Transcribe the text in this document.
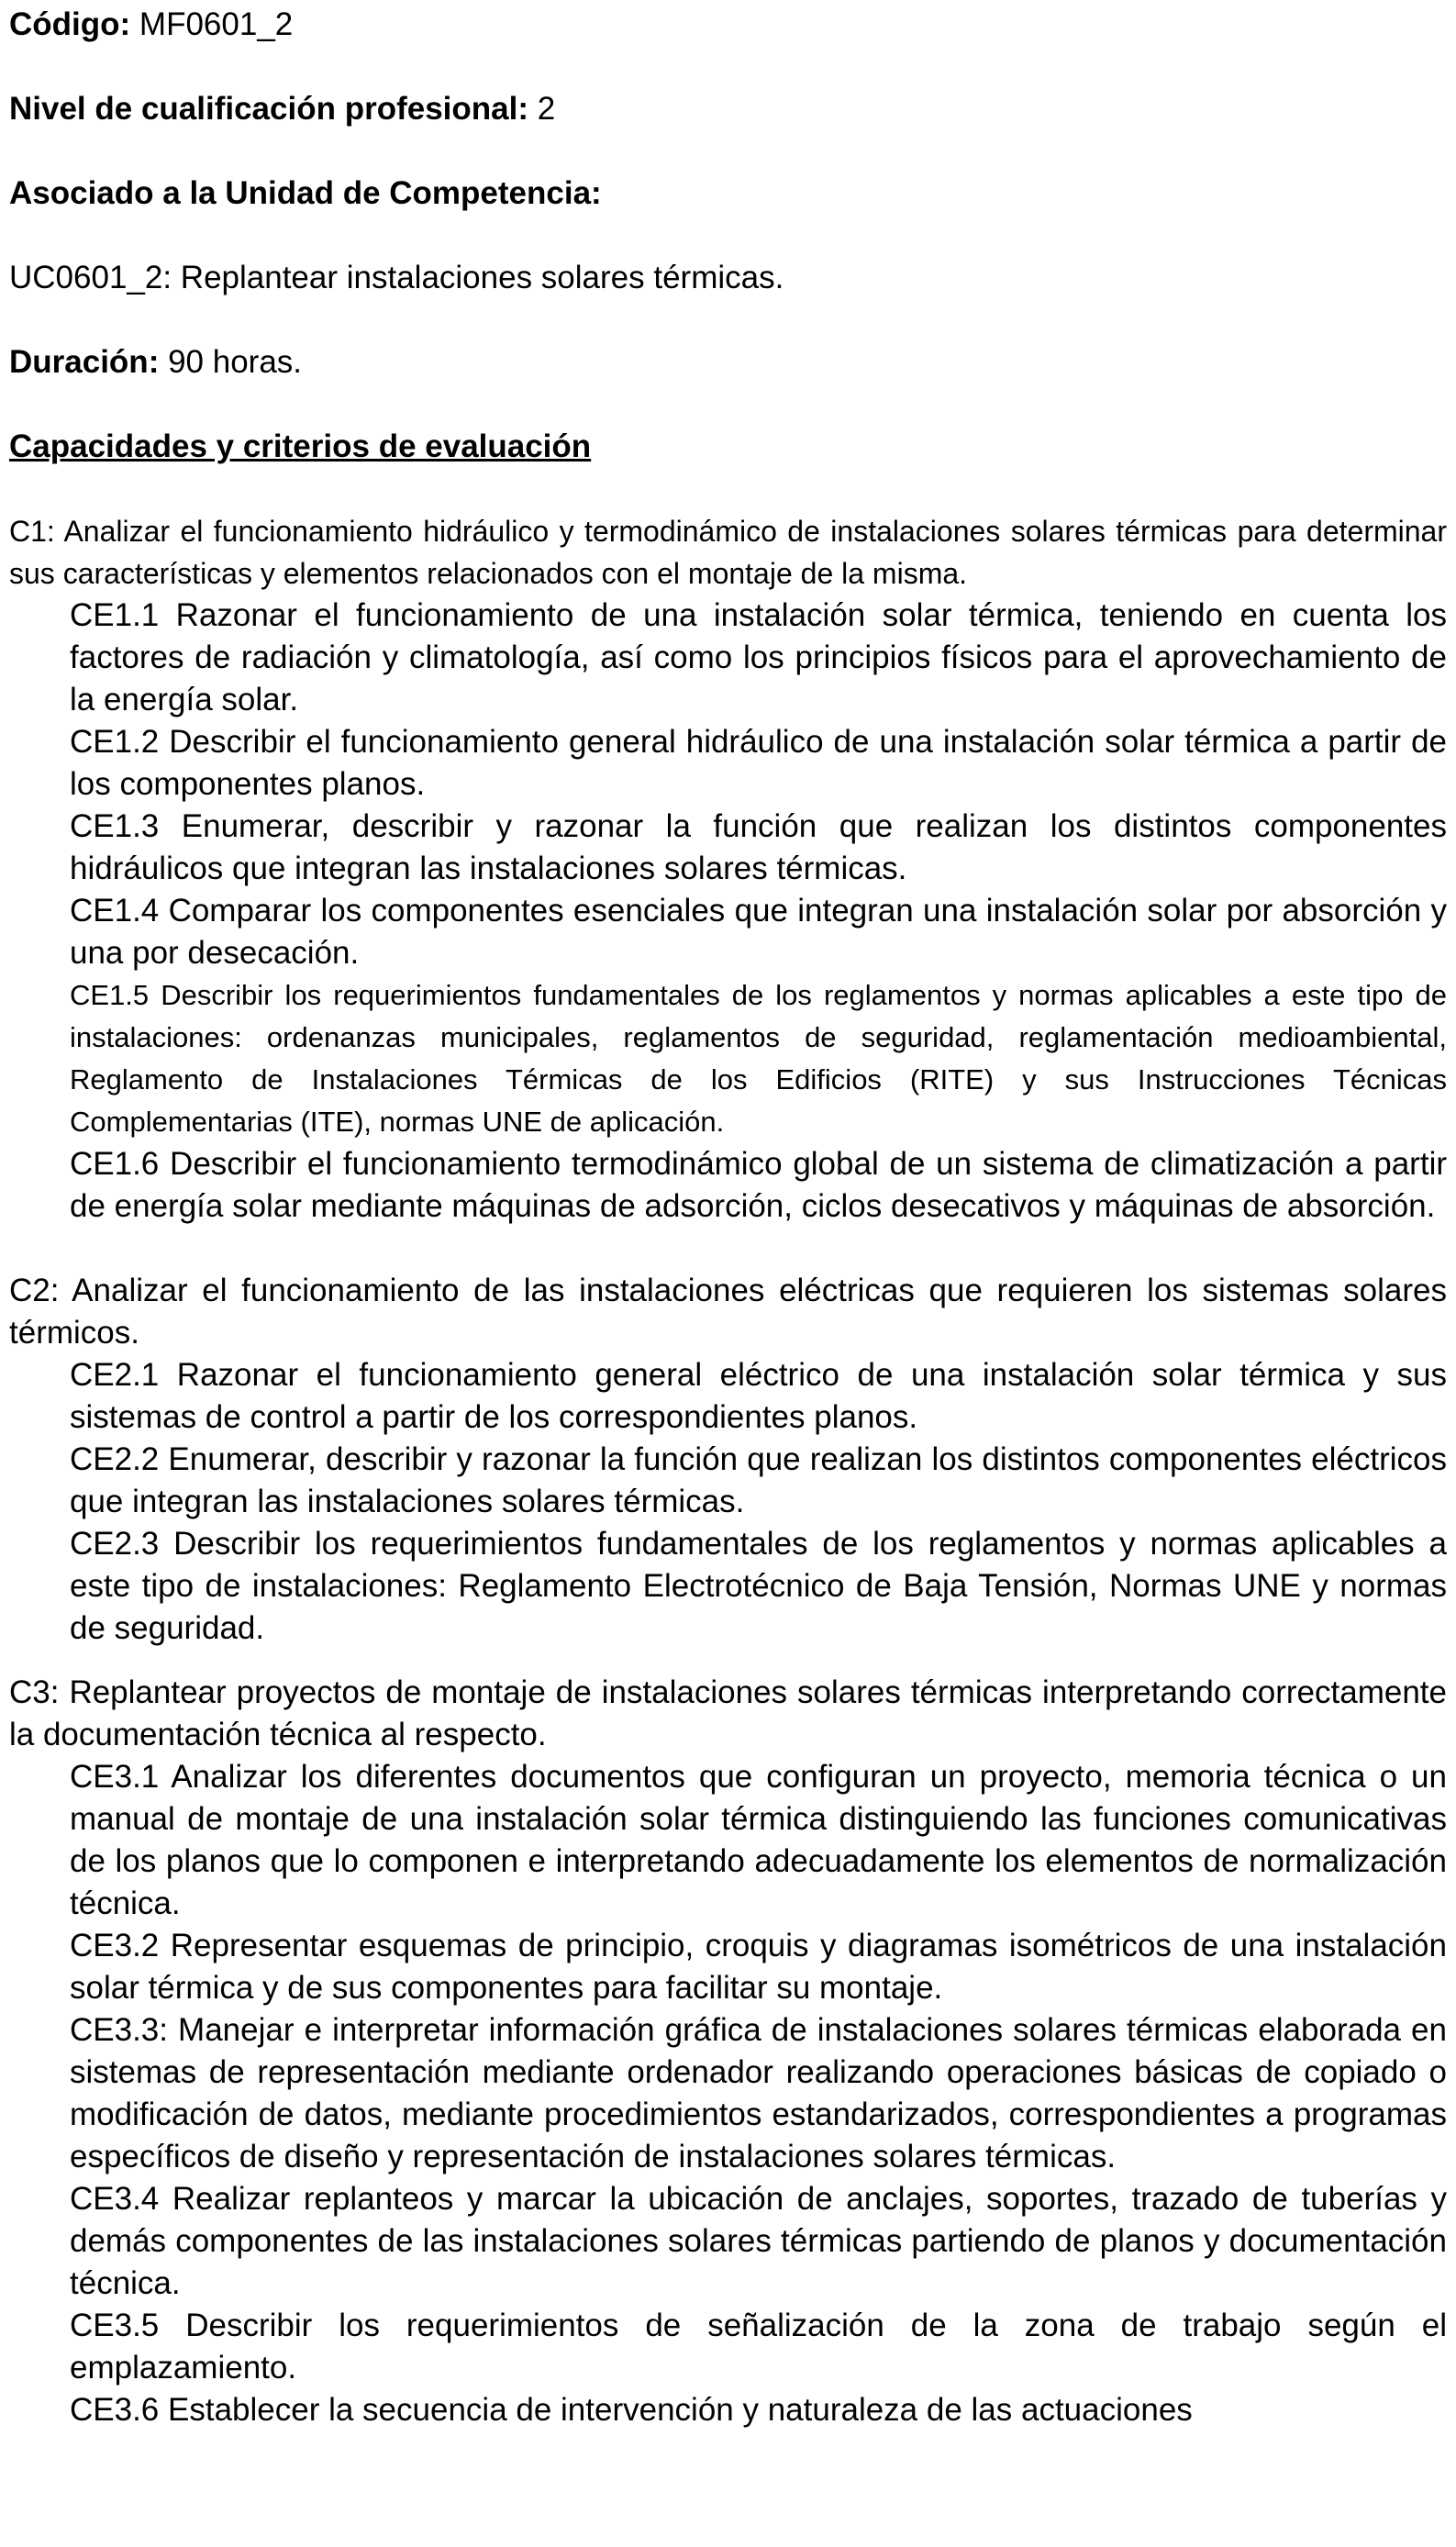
Código: MF0601_2

Nivel de cualificación profesional: 2

Asociado a la Unidad de Competencia:

UC0601_2: Replantear instalaciones solares térmicas.

Duración: 90 horas.

Capacidades y criterios de evaluación

C1: Analizar el funcionamiento hidráulico y termodinámico de instalaciones solares térmicas para determinar sus características y elementos relacionados con el montaje de la misma.

CE1.1 Razonar el funcionamiento de una instalación solar térmica, teniendo en cuenta los factores de radiación y climatología, así como los principios físicos para el aprovechamiento de la energía solar.

CE1.2 Describir el funcionamiento general hidráulico de una instalación solar térmica a partir de los componentes planos.

CE1.3 Enumerar, describir y razonar la función que realizan los distintos componentes hidráulicos que integran las instalaciones solares térmicas.

CE1.4 Comparar los componentes esenciales que integran una instalación solar por absorción y una por desecación.

CE1.5 Describir los requerimientos fundamentales de los reglamentos y normas aplicables a este tipo de instalaciones: ordenanzas municipales, reglamentos de seguridad, reglamentación medioambiental, Reglamento de Instalaciones Térmicas de los Edificios (RITE) y sus Instrucciones Técnicas Complementarias (ITE), normas UNE de aplicación.

CE1.6 Describir el funcionamiento termodinámico global de un sistema de climatización a partir de energía solar mediante máquinas de adsorción, ciclos desecativos y máquinas de absorción.

C2: Analizar el funcionamiento de las instalaciones eléctricas que requieren los sistemas solares térmicos.

CE2.1 Razonar el funcionamiento general eléctrico de una instalación solar térmica y sus sistemas de control a partir de los correspondientes planos.

CE2.2 Enumerar, describir y razonar la función que realizan los distintos componentes eléctricos que integran las instalaciones solares térmicas.

CE2.3 Describir los requerimientos fundamentales de los reglamentos y normas aplicables a este tipo de instalaciones: Reglamento Electrotécnico de Baja Tensión, Normas UNE y normas de seguridad.

C3: Replantear proyectos de montaje de instalaciones solares térmicas interpretando correctamente la documentación técnica al respecto.

CE3.1 Analizar los diferentes documentos que configuran un proyecto, memoria técnica o un manual de montaje de una instalación solar térmica distinguiendo las funciones comunicativas de los planos que lo componen e interpretando adecuadamente los elementos de normalización técnica.

CE3.2 Representar esquemas de principio, croquis y diagramas isométricos de una instalación solar térmica y de sus componentes para facilitar su montaje.

CE3.3: Manejar e interpretar información gráfica de instalaciones solares térmicas elaborada en sistemas de representación mediante ordenador realizando operaciones básicas de copiado o modificación de datos, mediante procedimientos estandarizados, correspondientes a programas específicos de diseño y representación de instalaciones solares térmicas.

CE3.4 Realizar replanteos y marcar la ubicación de anclajes, soportes, trazado de tuberías y demás componentes de las instalaciones solares térmicas partiendo de planos y documentación técnica.

CE3.5 Describir los requerimientos de señalización de la zona de trabajo según el emplazamiento.

CE3.6 Establecer la secuencia de intervención y naturaleza de las actuaciones
